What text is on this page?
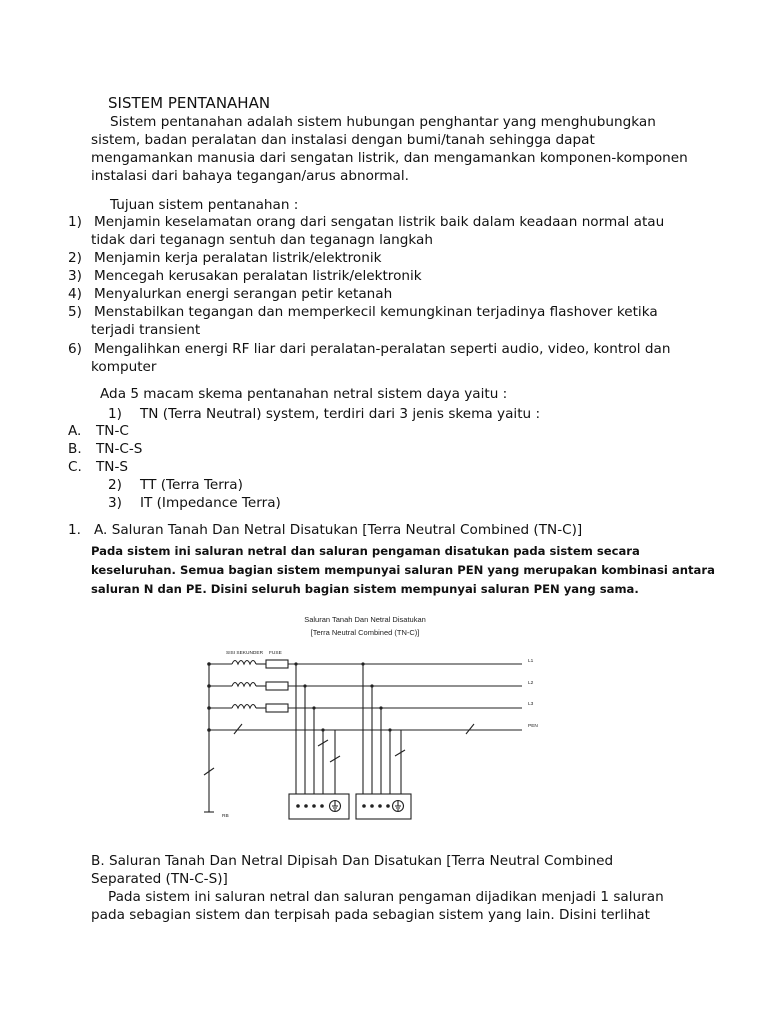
SISTEM PENTANAHAN
Sistem pentanahan adalah sistem hubungan penghantar yang menghubungkan
sistem, badan peralatan dan instalasi dengan bumi/tanah sehingga dapat
mengamankan manusia dari sengatan listrik, dan mengamankan komponen-komponen
instalasi dari bahaya tegangan/arus abnormal.
Tujuan sistem pentanahan :
1) Menjamin keselamatan orang dari sengatan listrik baik dalam keadaan normal atau
tidak dari teganagn sentuh dan teganagn langkah
2) Menjamin kerja peralatan listrik/elektronik
3) Mencegah kerusakan peralatan listrik/elektronik
4) Menyalurkan energi serangan petir ketanah
5) Menstabilkan tegangan dan memperkecil kemungkinan terjadinya flashover ketika
terjadi transient
6) Mengalihkan energi RF liar dari peralatan-peralatan seperti audio, video, kontrol dan
komputer
Ada 5 macam skema pentanahan netral sistem daya yaitu :
1) TN (Terra Neutral) system, terdiri dari 3 jenis skema yaitu :
A. TN-C
B. TN-C-S
C. TN-S
2) TT (Terra Terra)
3) IT (Impedance Terra)
1. A. Saluran Tanah Dan Netral Disatukan [Terra Neutral Combined (TN-C)]
Pada sistem ini saluran netral dan saluran pengaman disatukan pada sistem secara
keseluruhan. Semua bagian sistem mempunyai saluran PEN yang merupakan kombinasi antara
saluran N dan PE. Disini seluruh bagian sistem mempunyai saluran PEN yang sama.
Saluran Tanah Dan Netral Disatukan
[Terra Neutral Combined (TN-C)]
SISI SEKUNDER FUSE
L1
L2
L3
PEN
RB
B. Saluran Tanah Dan Netral Dipisah Dan Disatukan [Terra Neutral Combined
Separated (TN-C-S)]
Pada sistem ini saluran netral dan saluran pengaman dijadikan menjadi 1 saluran
pada sebagian sistem dan terpisah pada sebagian sistem yang lain. Disini terlihat
